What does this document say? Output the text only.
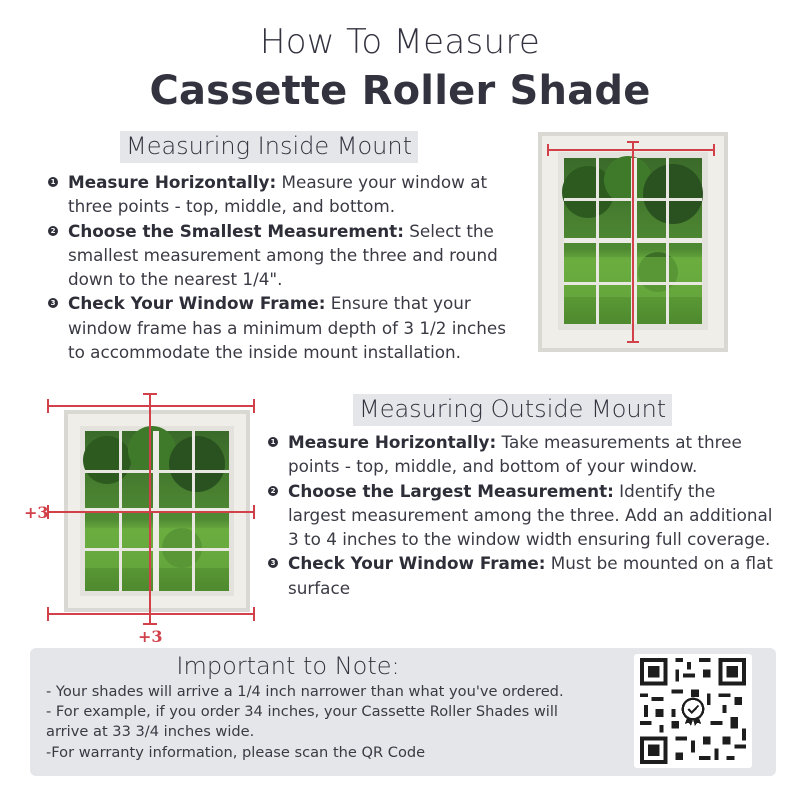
How To Measure
Cassette Roller Shade
Measuring Inside Mount
1 Measure Horizontally: Measure your window at three points - top, middle, and bottom.
2 Choose the Smallest Measurement: Select the smallest measurement among the three and round down to the nearest 1/4".
3 Check Your Window Frame: Ensure that your window frame has a minimum depth of 3 1/2 inches to accommodate the inside mount installation.
+3
+3
Measuring Outside Mount
1 Measure Horizontally: Take measurements at three points - top, middle, and bottom of your window.
2 Choose the Largest Measurement: Identify the largest measurement among the three. Add an additional 3 to 4 inches to the window width ensuring full coverage.
3 Check Your Window Frame: Must be mounted on a flat surface
Important to Note:
- Your shades will arrive a 1/4 inch narrower than what you've ordered.
- For example, if you order 34 inches, your Cassette Roller Shades will
arrive at 33 3/4 inches wide.
-For warranty information, please scan the QR Code
